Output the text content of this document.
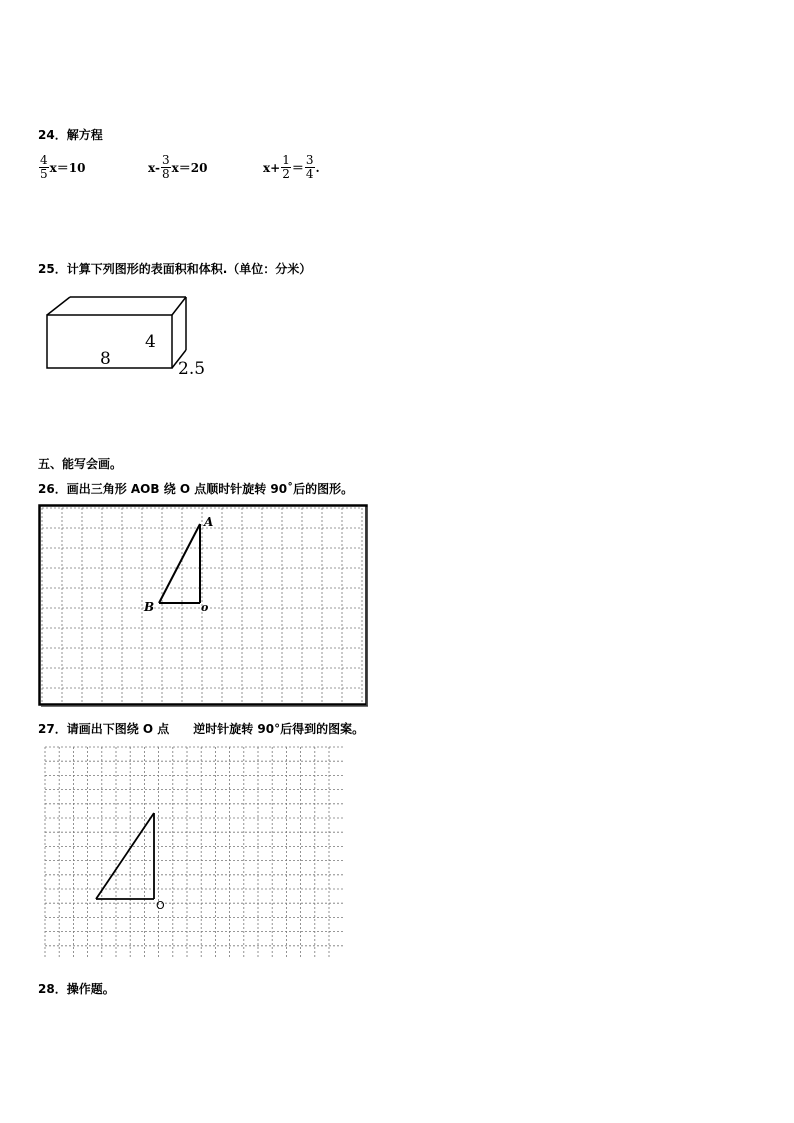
24．解方程
$\frac{4}{5} x=10$	$x- \frac{3}{8} x=20$	$x+ \frac{1}{2} = \frac{3}{4}$ .
25．计算下列图形的表面积和体积.（单位：分米）
8
4
2.5
五、能写会画。
26．画出三角形 AOB 绕 O 点顺时针旋转 90˚后的图形。
A
B	o
27．请画出下图绕 O 点　　逆时针旋转 90°后得到的图案。
O
28．操作题。
